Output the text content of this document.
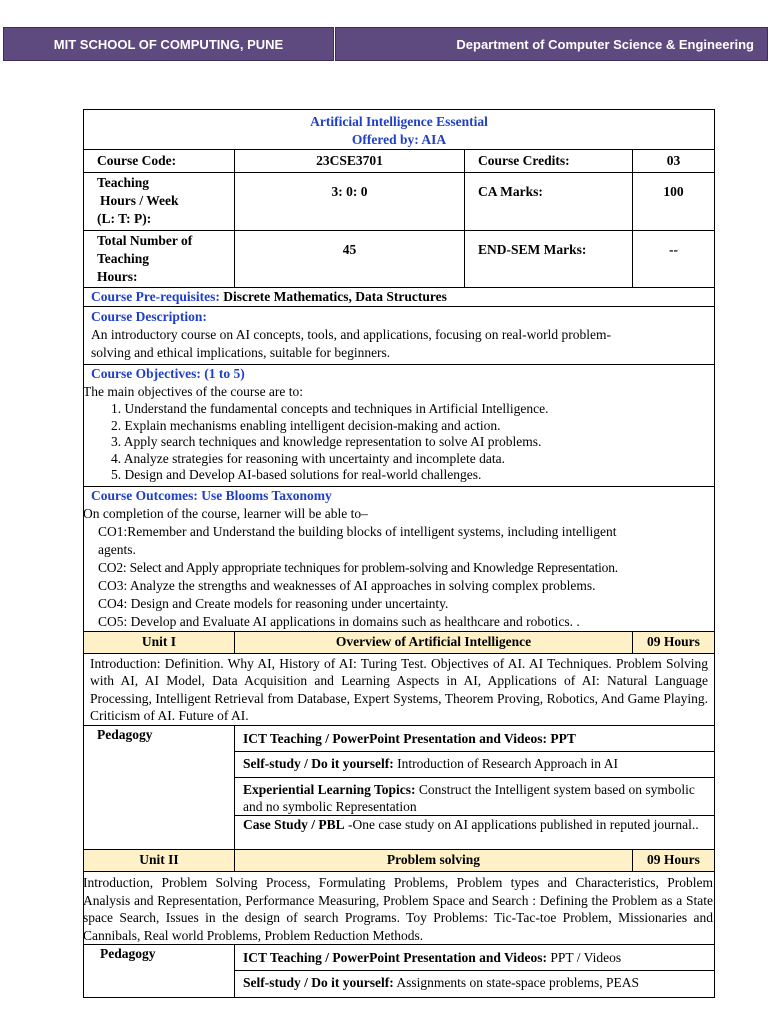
MIT SCHOOL OF COMPUTING, PUNE	Department of Computer Science & Engineering

Artificial Intelligence Essential

Offered by: AIA

Course Code:	23CSE3701	Course Credits:	03

Teaching

Hours / Week

(L: T: P):

3: 0: 0	CA Marks:	100

Total Number of

Teaching

Hours:

45	END-SEM Marks:	--
Course Pre-requisites: Discrete Mathematics, Data Structures

Course Description:

An introductory course on AI concepts, tools, and applications, focusing on real-world problem-

solving and ethical implications, suitable for beginners.

Course Objectives: (1 to 5)

The main objectives of the course are to:

1. Understand the fundamental concepts and techniques in Artificial Intelligence.
2. Explain mechanisms enabling intelligent decision-making and action.
3. Apply search techniques and knowledge representation to solve AI problems.
4. Analyze strategies for reasoning with uncertainty and incomplete data.
5. Design and Develop AI-based solutions for real-world challenges.

Course Outcomes: Use Blooms Taxonomy

On completion of the course, learner will be able to–

CO1:Remember and Understand the building blocks of intelligent systems, including intelligent

agents.

CO2: Select and Apply appropriate techniques for problem-solving and Knowledge Representation.

CO3: Analyze the strengths and weaknesses of AI approaches in solving complex problems.

CO4: Design and Create models for reasoning under uncertainty.

CO5: Develop and Evaluate AI applications in domains such as healthcare and robotics. .

Unit I	Overview of Artificial Intelligence	09 Hours
Introduction: Definition. Why AI, History of AI: Turing Test. Objectives of AI. AI Techniques. Problem Solving with AI, AI Model, Data Acquisition and Learning Aspects in AI, Applications of AI: Natural Language Processing, Intelligent Retrieval from Database, Expert Systems, Theorem Proving, Robotics, And Game Playing. Criticism of AI. Future of AI.
Pedagogy	ICT Teaching / PowerPoint Presentation and Videos: PPT
Self-study / Do it yourself: Introduction of Research Approach in AI
Experiential Learning Topics: Construct the Intelligent system based on symbolic and no symbolic Representation
Case Study / PBL -One case study on AI applications published in reputed journal..
Unit II	Problem solving	09 Hours
Introduction, Problem Solving Process, Formulating Problems, Problem types and Characteristics, Problem Analysis and Representation, Performance Measuring, Problem Space and Search : Defining the Problem as a State space Search, Issues in the design of search Programs. Toy Problems: Tic-Tac-toe Problem, Missionaries and Cannibals, Real world Problems, Problem Reduction Methods.
Pedagogy	ICT Teaching / PowerPoint Presentation and Videos: PPT / Videos
Self-study / Do it yourself: Assignments on state-space problems, PEAS
